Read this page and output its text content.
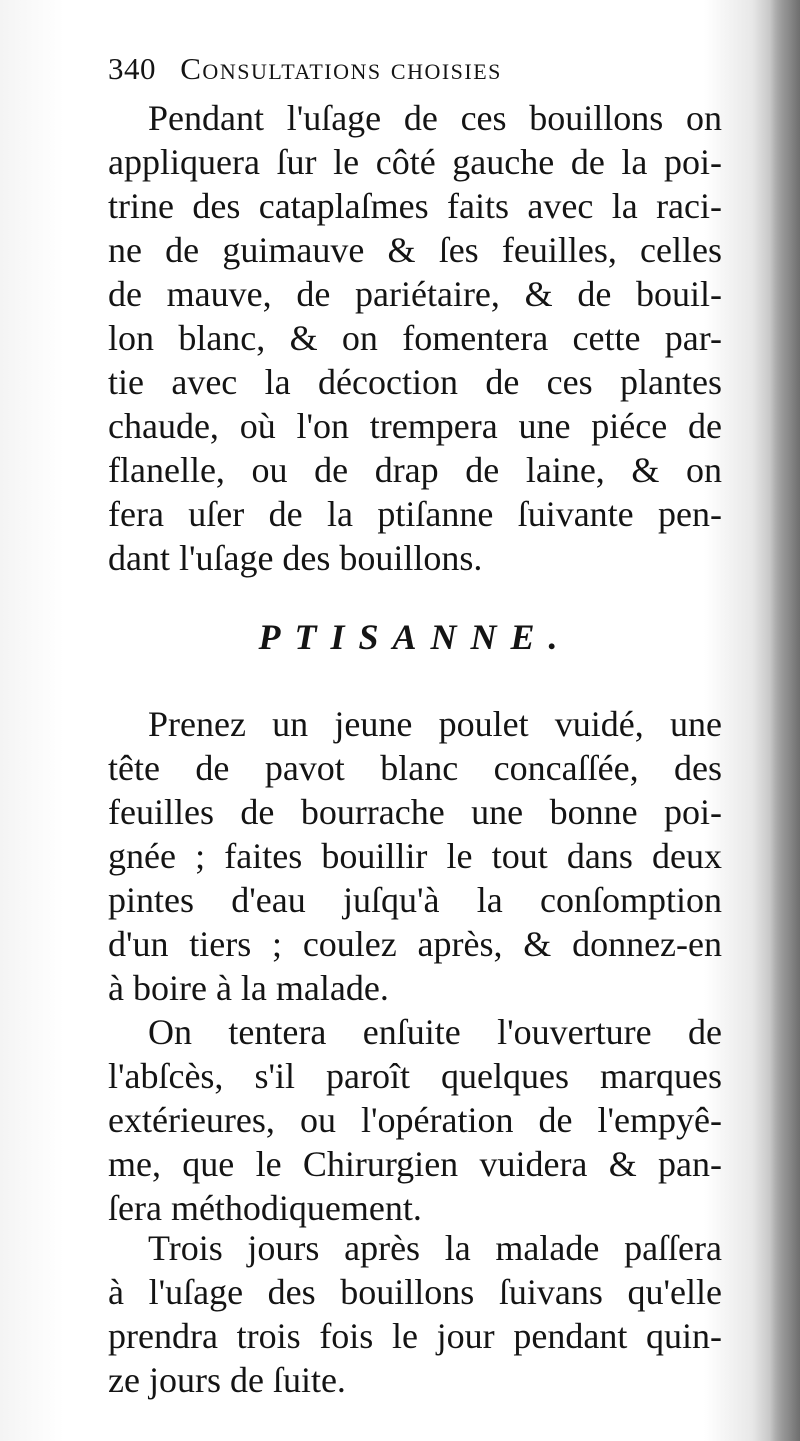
340 Consultations choisies
Pendant l'uſage de ces bouillons on
appliquera ſur le côté gauche de la poi-
trine des cataplaſmes faits avec la raci-
ne de guimauve & ſes feuilles, celles
de mauve, de pariétaire, & de bouil-
lon blanc, & on fomentera cette par-
tie avec la décoction de ces plantes
chaude, où l'on trempera une piéce de
flanelle, ou de drap de laine, & on
fera uſer de la ptiſanne ſuivante pen-
dant l'uſage des bouillons.
PTISANNE.
Prenez un jeune poulet vuidé, une
tête de pavot blanc concaſſée, des
feuilles de bourrache une bonne poi-
gnée ; faites bouillir le tout dans deux
pintes d'eau juſqu'à la conſomption
d'un tiers ; coulez après, & donnez-en
à boire à la malade.
On tentera enſuite l'ouverture de
l'abſcès, s'il paroît quelques marques
extérieures, ou l'opération de l'empyê-
me, que le Chirurgien vuidera & pan-
ſera méthodiquement.
Trois jours après la malade paſſera
à l'uſage des bouillons ſuivans qu'elle
prendra trois fois le jour pendant quin-
ze jours de ſuite.
